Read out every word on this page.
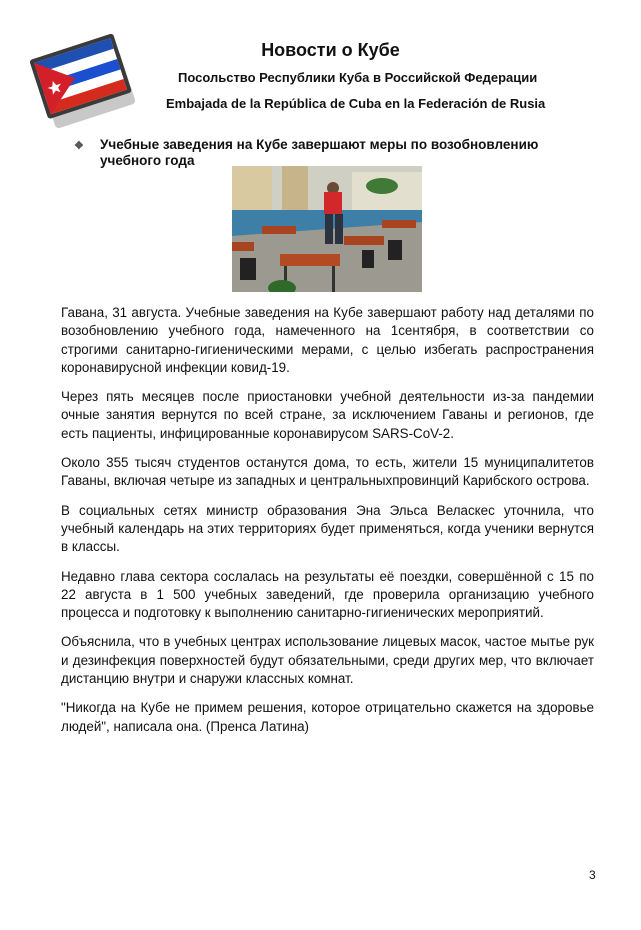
Новости о Кубе
Посольство Республики Куба в Российской Федерации
Embajada de la República de Cuba en la Federación de Rusia
❖	Учебные заведения на Кубе завершают меры по возобновлению учебного года

Гавана, 31 августа. Учебные заведения на Кубе завершают работу над деталями по возобновлению учебного года, намеченного на 1сентября, в соответствии со строгими санитарно-гигиеническими мерами, с целью избегать распространения коронавирусной инфекции ковид-19.

Через пять месяцев после приостановки учебной деятельности из-за пандемии очные занятия вернутся по всей стране, за исключением Гаваны и регионов, где есть пациенты, инфицированные коронавирусом SARS-CoV-2.

Около 355 тысяч студентов останутся дома, то есть, жители 15 муниципалитетов Гаваны, включая четыре из западных и центральныхпровинций Карибского острова.

В социальных сетях министр образования Эна Эльса Веласкес уточнила, что учебный календарь на этих территориях будет применяться, когда ученики вернутся в классы.

Недавно глава сектора сослалась на результаты её поездки, совершённой с 15 по 22 августа в 1 500 учебных заведений, где проверила организацию учебного процесса и подготовку к выполнению санитарно-гигиенических мероприятий.

Объяснила, что в учебных центрах использование лицевых масок, частое мытье рук и дезинфекция поверхностей будут обязательными, среди других мер, что включает дистанцию внутри и снаружи классных комнат.

"Никогда на Кубе не примем решения, которое отрицательно скажется на здоровье людей", написала она. (Пренса Латина)

3
